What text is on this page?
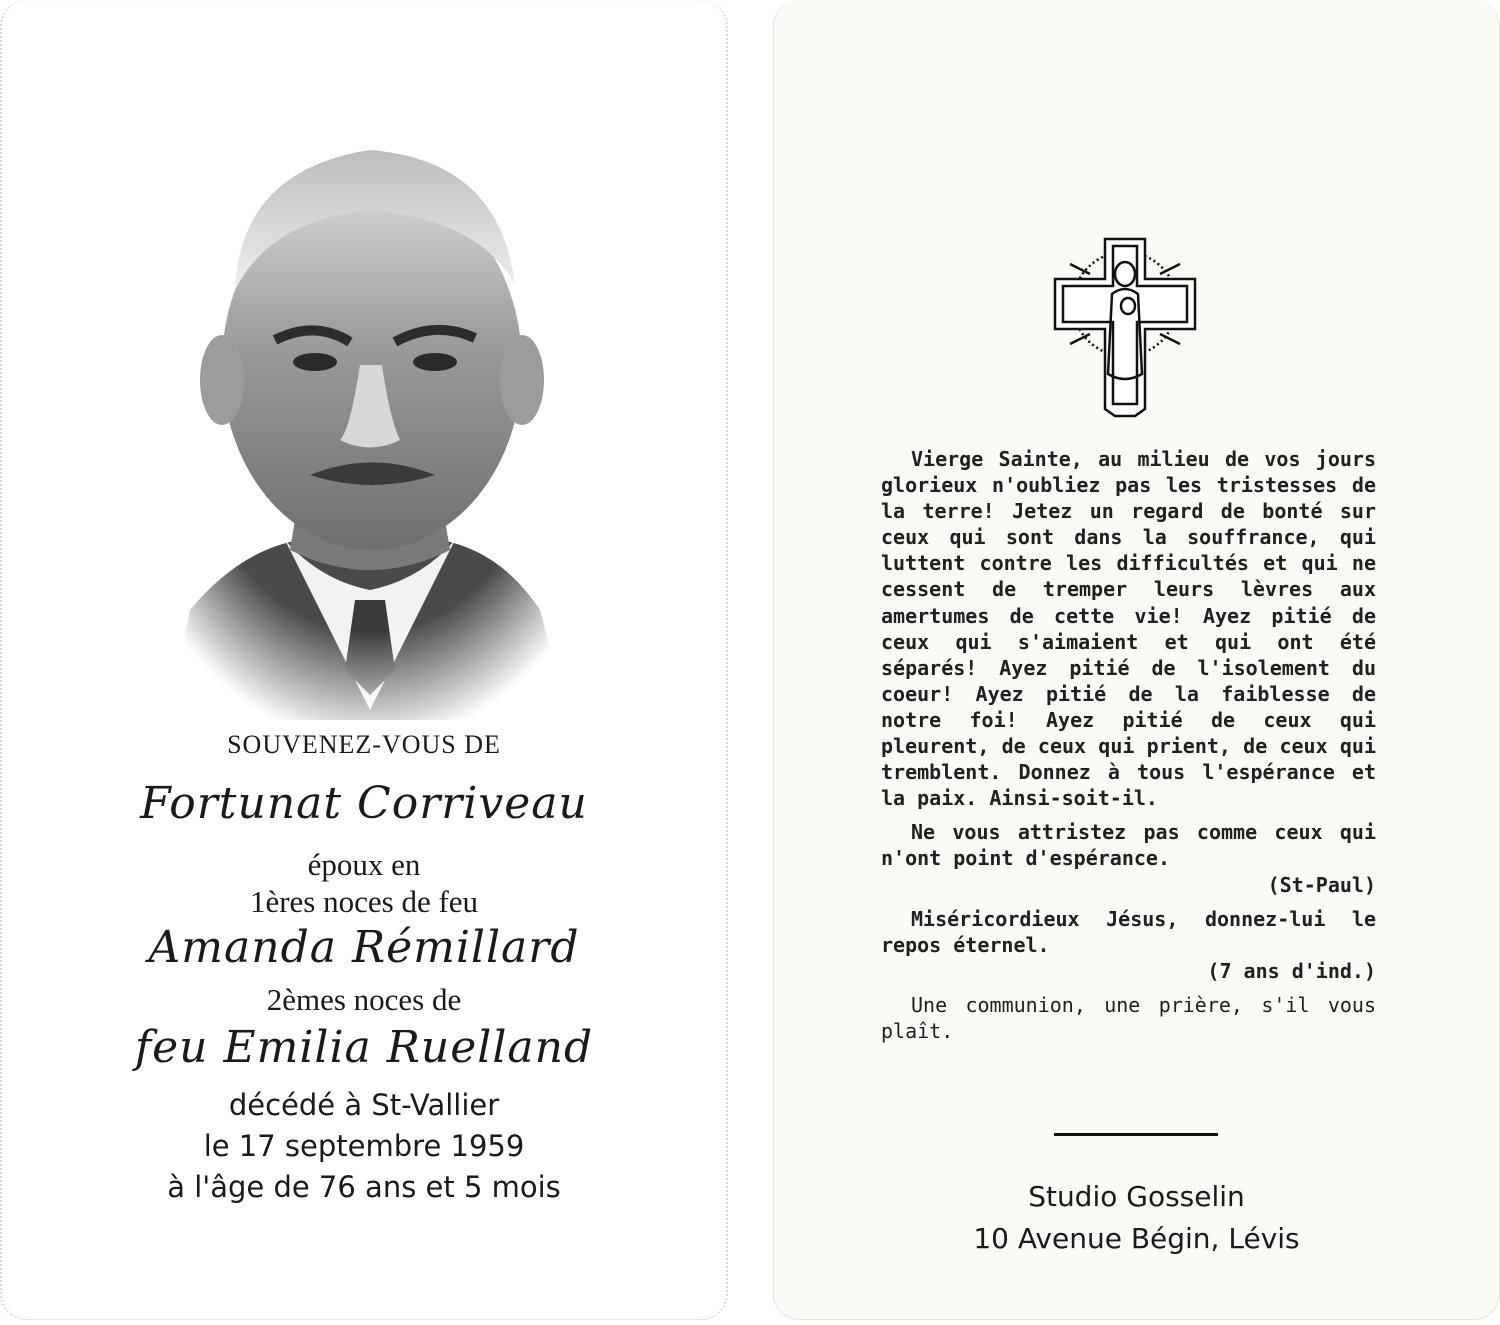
SOUVENEZ-VOUS DE
Fortunat Corriveau
époux en
1ères noces de feu
Amanda Rémillard
2èmes noces de
feu Emilia Ruelland
décédé à St-Vallier
le 17 septembre 1959
à l'âge de 76 ans et 5 mois

Vierge Sainte, au milieu de vos jours glorieux n'oubliez pas les tristesses de la terre! Jetez un regard de bonté sur ceux qui sont dans la souffrance, qui luttent contre les difficultés et qui ne cessent de tremper leurs lèvres aux amertumes de cette vie! Ayez pitié de ceux qui s'aimaient et qui ont été séparés! Ayez pitié de l'isolement du coeur! Ayez pitié de la faiblesse de notre foi! Ayez pitié de ceux qui pleurent, de ceux qui prient, de ceux qui tremblent. Donnez à tous l'espérance et la paix. Ainsi-soit-il.

Ne vous attristez pas comme ceux qui n'ont point d'espérance.

(St-Paul)

Miséricordieux Jésus, donnez-lui le repos éternel.

(7 ans d'ind.)

Une communion, une prière, s'il vous plaît.

Studio Gosselin
10 Avenue Bégin, Lévis
